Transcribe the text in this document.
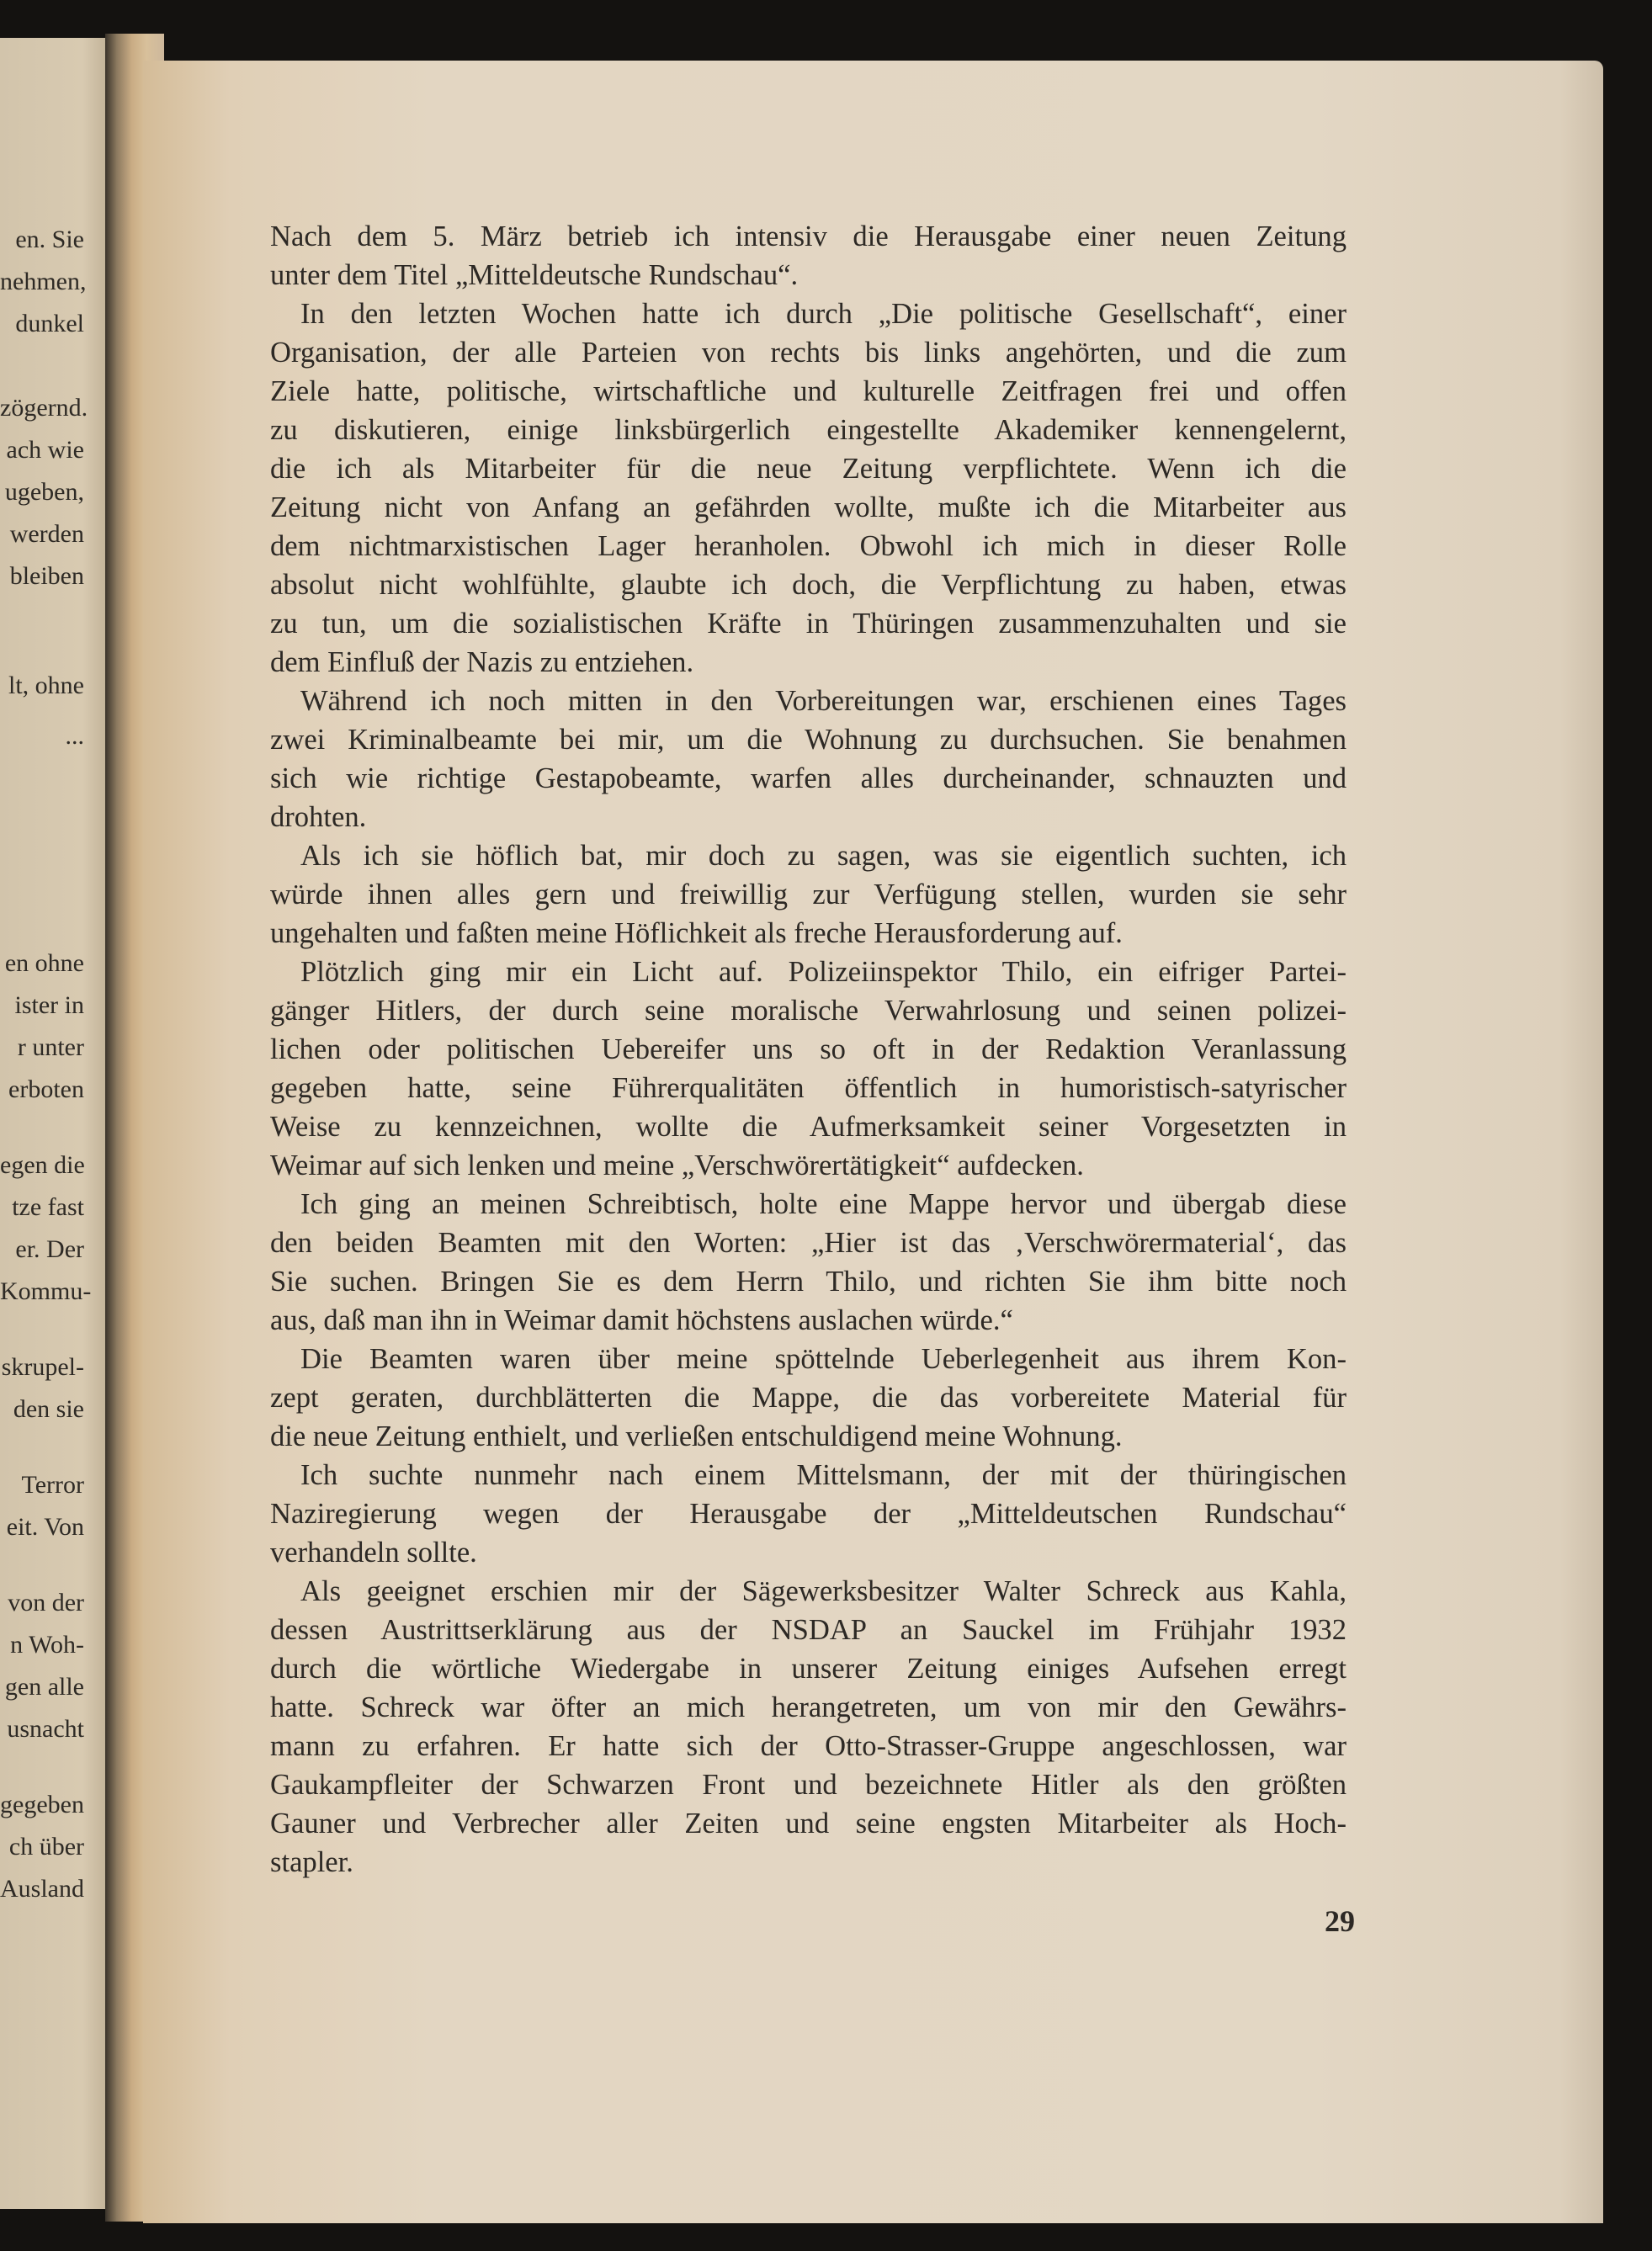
en. Sie
nehmen,
dunkel
zögernd.
ach wie
ugeben,
werden
bleiben
lt, ohne
...
en ohne
ister in
r unter
erboten
egen die
tze fast
er. Der
Kommu-
skrupel-
den sie
Terror
eit. Von
von der
n Woh-
gen alle
usnacht
gegeben
ch über
Ausland
Nach dem 5. März betrieb ich intensiv die Herausgabe einer neuen Zeitung
unter dem Titel „Mitteldeutsche Rundschau“.
In den letzten Wochen hatte ich durch „Die politische Gesellschaft“, einer
Organisation, der alle Parteien von rechts bis links angehörten, und die zum
Ziele hatte, politische, wirtschaftliche und kulturelle Zeitfragen frei und offen
zu diskutieren, einige linksbürgerlich eingestellte Akademiker kennengelernt,
die ich als Mitarbeiter für die neue Zeitung verpflichtete. Wenn ich die
Zeitung nicht von Anfang an gefährden wollte, mußte ich die Mitarbeiter aus
dem nichtmarxistischen Lager heranholen. Obwohl ich mich in dieser Rolle
absolut nicht wohlfühlte, glaubte ich doch, die Verpflichtung zu haben, etwas
zu tun, um die sozialistischen Kräfte in Thüringen zusammenzuhalten und sie
dem Einfluß der Nazis zu entziehen.
Während ich noch mitten in den Vorbereitungen war, erschienen eines Tages
zwei Kriminalbeamte bei mir, um die Wohnung zu durchsuchen. Sie benahmen
sich wie richtige Gestapobeamte, warfen alles durcheinander, schnauzten und
drohten.
Als ich sie höflich bat, mir doch zu sagen, was sie eigentlich suchten, ich
würde ihnen alles gern und freiwillig zur Verfügung stellen, wurden sie sehr
ungehalten und faßten meine Höflichkeit als freche Herausforderung auf.
Plötzlich ging mir ein Licht auf. Polizeiinspektor Thilo, ein eifriger Partei-
gänger Hitlers, der durch seine moralische Verwahrlosung und seinen polizei-
lichen oder politischen Uebereifer uns so oft in der Redaktion Veranlassung
gegeben hatte, seine Führerqualitäten öffentlich in humoristisch-satyrischer
Weise zu kennzeichnen, wollte die Aufmerksamkeit seiner Vorgesetzten in
Weimar auf sich lenken und meine „Verschwörertätigkeit“ aufdecken.
Ich ging an meinen Schreibtisch, holte eine Mappe hervor und übergab diese
den beiden Beamten mit den Worten: „Hier ist das ‚Verschwörermaterial‘, das
Sie suchen. Bringen Sie es dem Herrn Thilo, und richten Sie ihm bitte noch
aus, daß man ihn in Weimar damit höchstens auslachen würde.“
Die Beamten waren über meine spöttelnde Ueberlegenheit aus ihrem Kon-
zept geraten, durchblätterten die Mappe, die das vorbereitete Material für
die neue Zeitung enthielt, und verließen entschuldigend meine Wohnung.
Ich suchte nunmehr nach einem Mittelsmann, der mit der thüringischen
Naziregierung wegen der Herausgabe der „Mitteldeutschen Rundschau“
verhandeln sollte.
Als geeignet erschien mir der Sägewerksbesitzer Walter Schreck aus Kahla,
dessen Austrittserklärung aus der NSDAP an Sauckel im Frühjahr 1932
durch die wörtliche Wiedergabe in unserer Zeitung einiges Aufsehen erregt
hatte. Schreck war öfter an mich herangetreten, um von mir den Gewährs-
mann zu erfahren. Er hatte sich der Otto-Strasser-Gruppe angeschlossen, war
Gaukampfleiter der Schwarzen Front und bezeichnete Hitler als den größten
Gauner und Verbrecher aller Zeiten und seine engsten Mitarbeiter als Hoch-
stapler.
29
